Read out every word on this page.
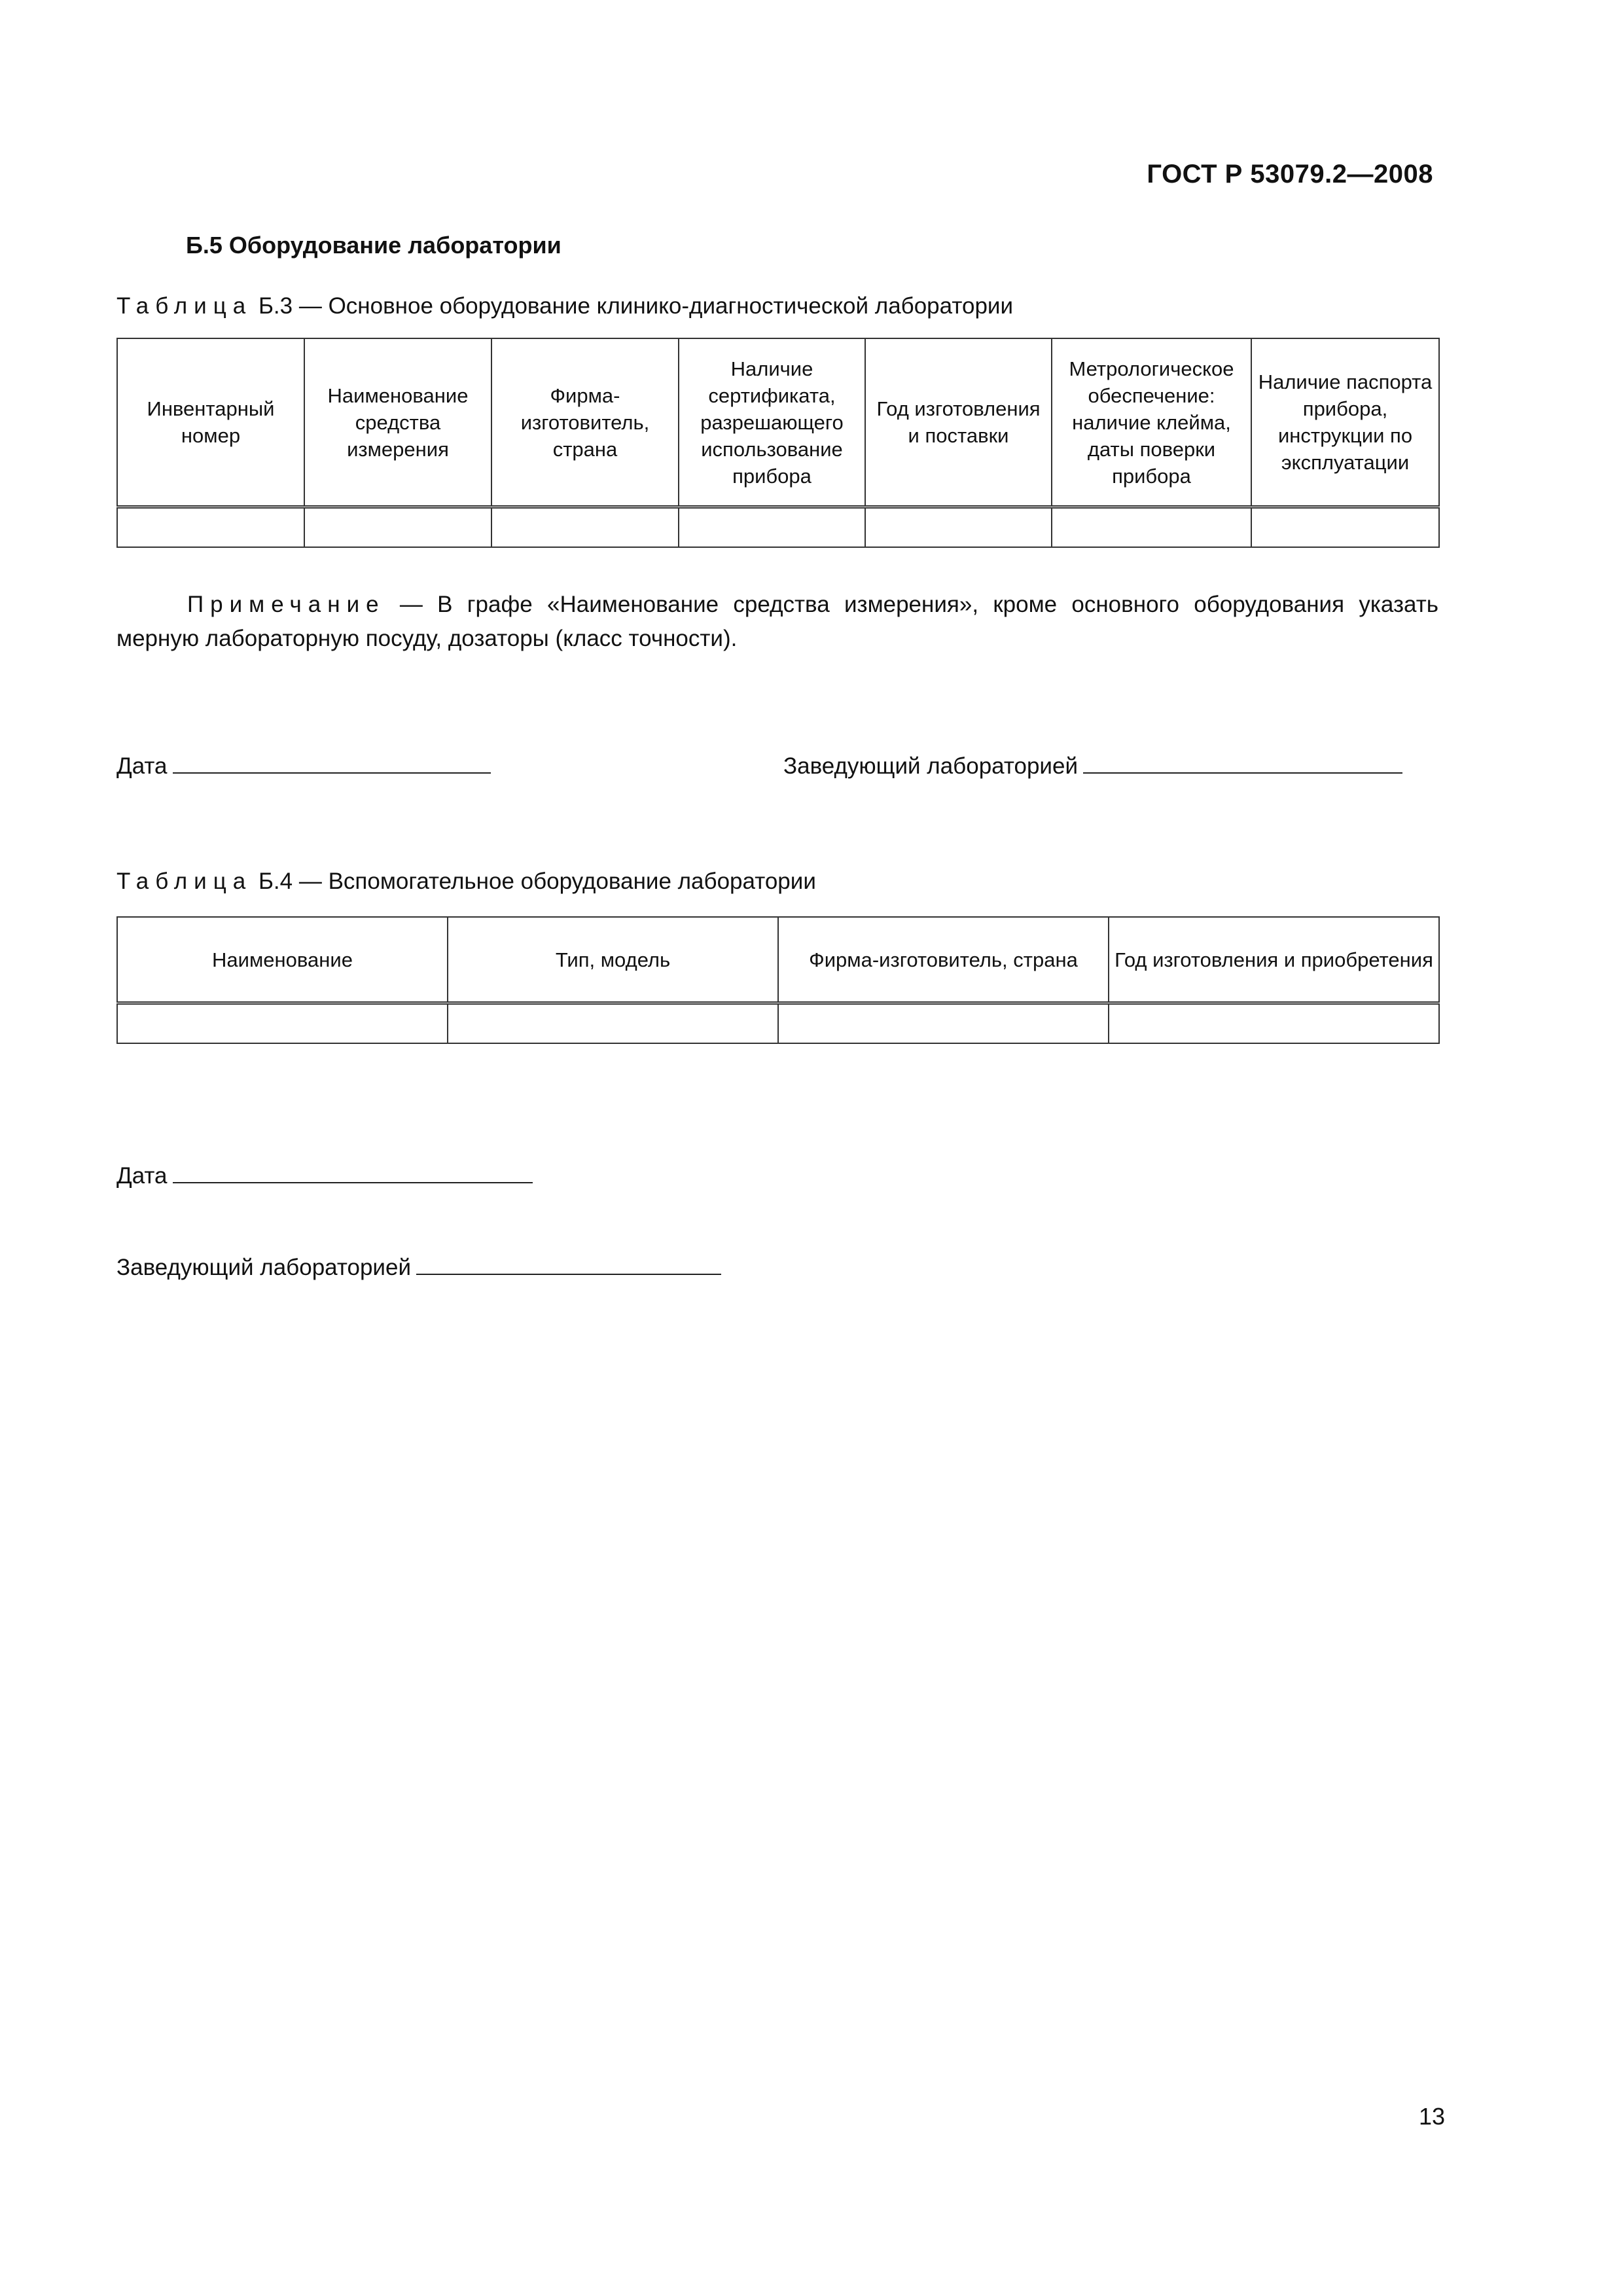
ГОСТ Р 53079.2—2008
Б.5 Оборудование лаборатории
Таблица Б.3 — Основное оборудование клинико-диагностической лаборатории
Инвентарный номер	Наименование средства измерения	Фирма-изготовитель, страна	Наличие сертификата, разрешающего использование прибора	Год изготовления и поставки	Метрологическое обеспечение: наличие клейма, даты поверки прибора	Наличие паспорта прибора, инструкции по эксплуатации

Примечание — В графе «Наименование средства измерения», кроме основного оборудования указать мерную лабораторную посуду, дозаторы (класс точности).
Дата	Заведующий лабораторией
Таблица Б.4 — Вспомогательное оборудование лаборатории
Наименование	Тип, модель	Фирма-изготовитель, страна	Год изготовления и приобретения

Дата
Заведующий лабораторией
13
